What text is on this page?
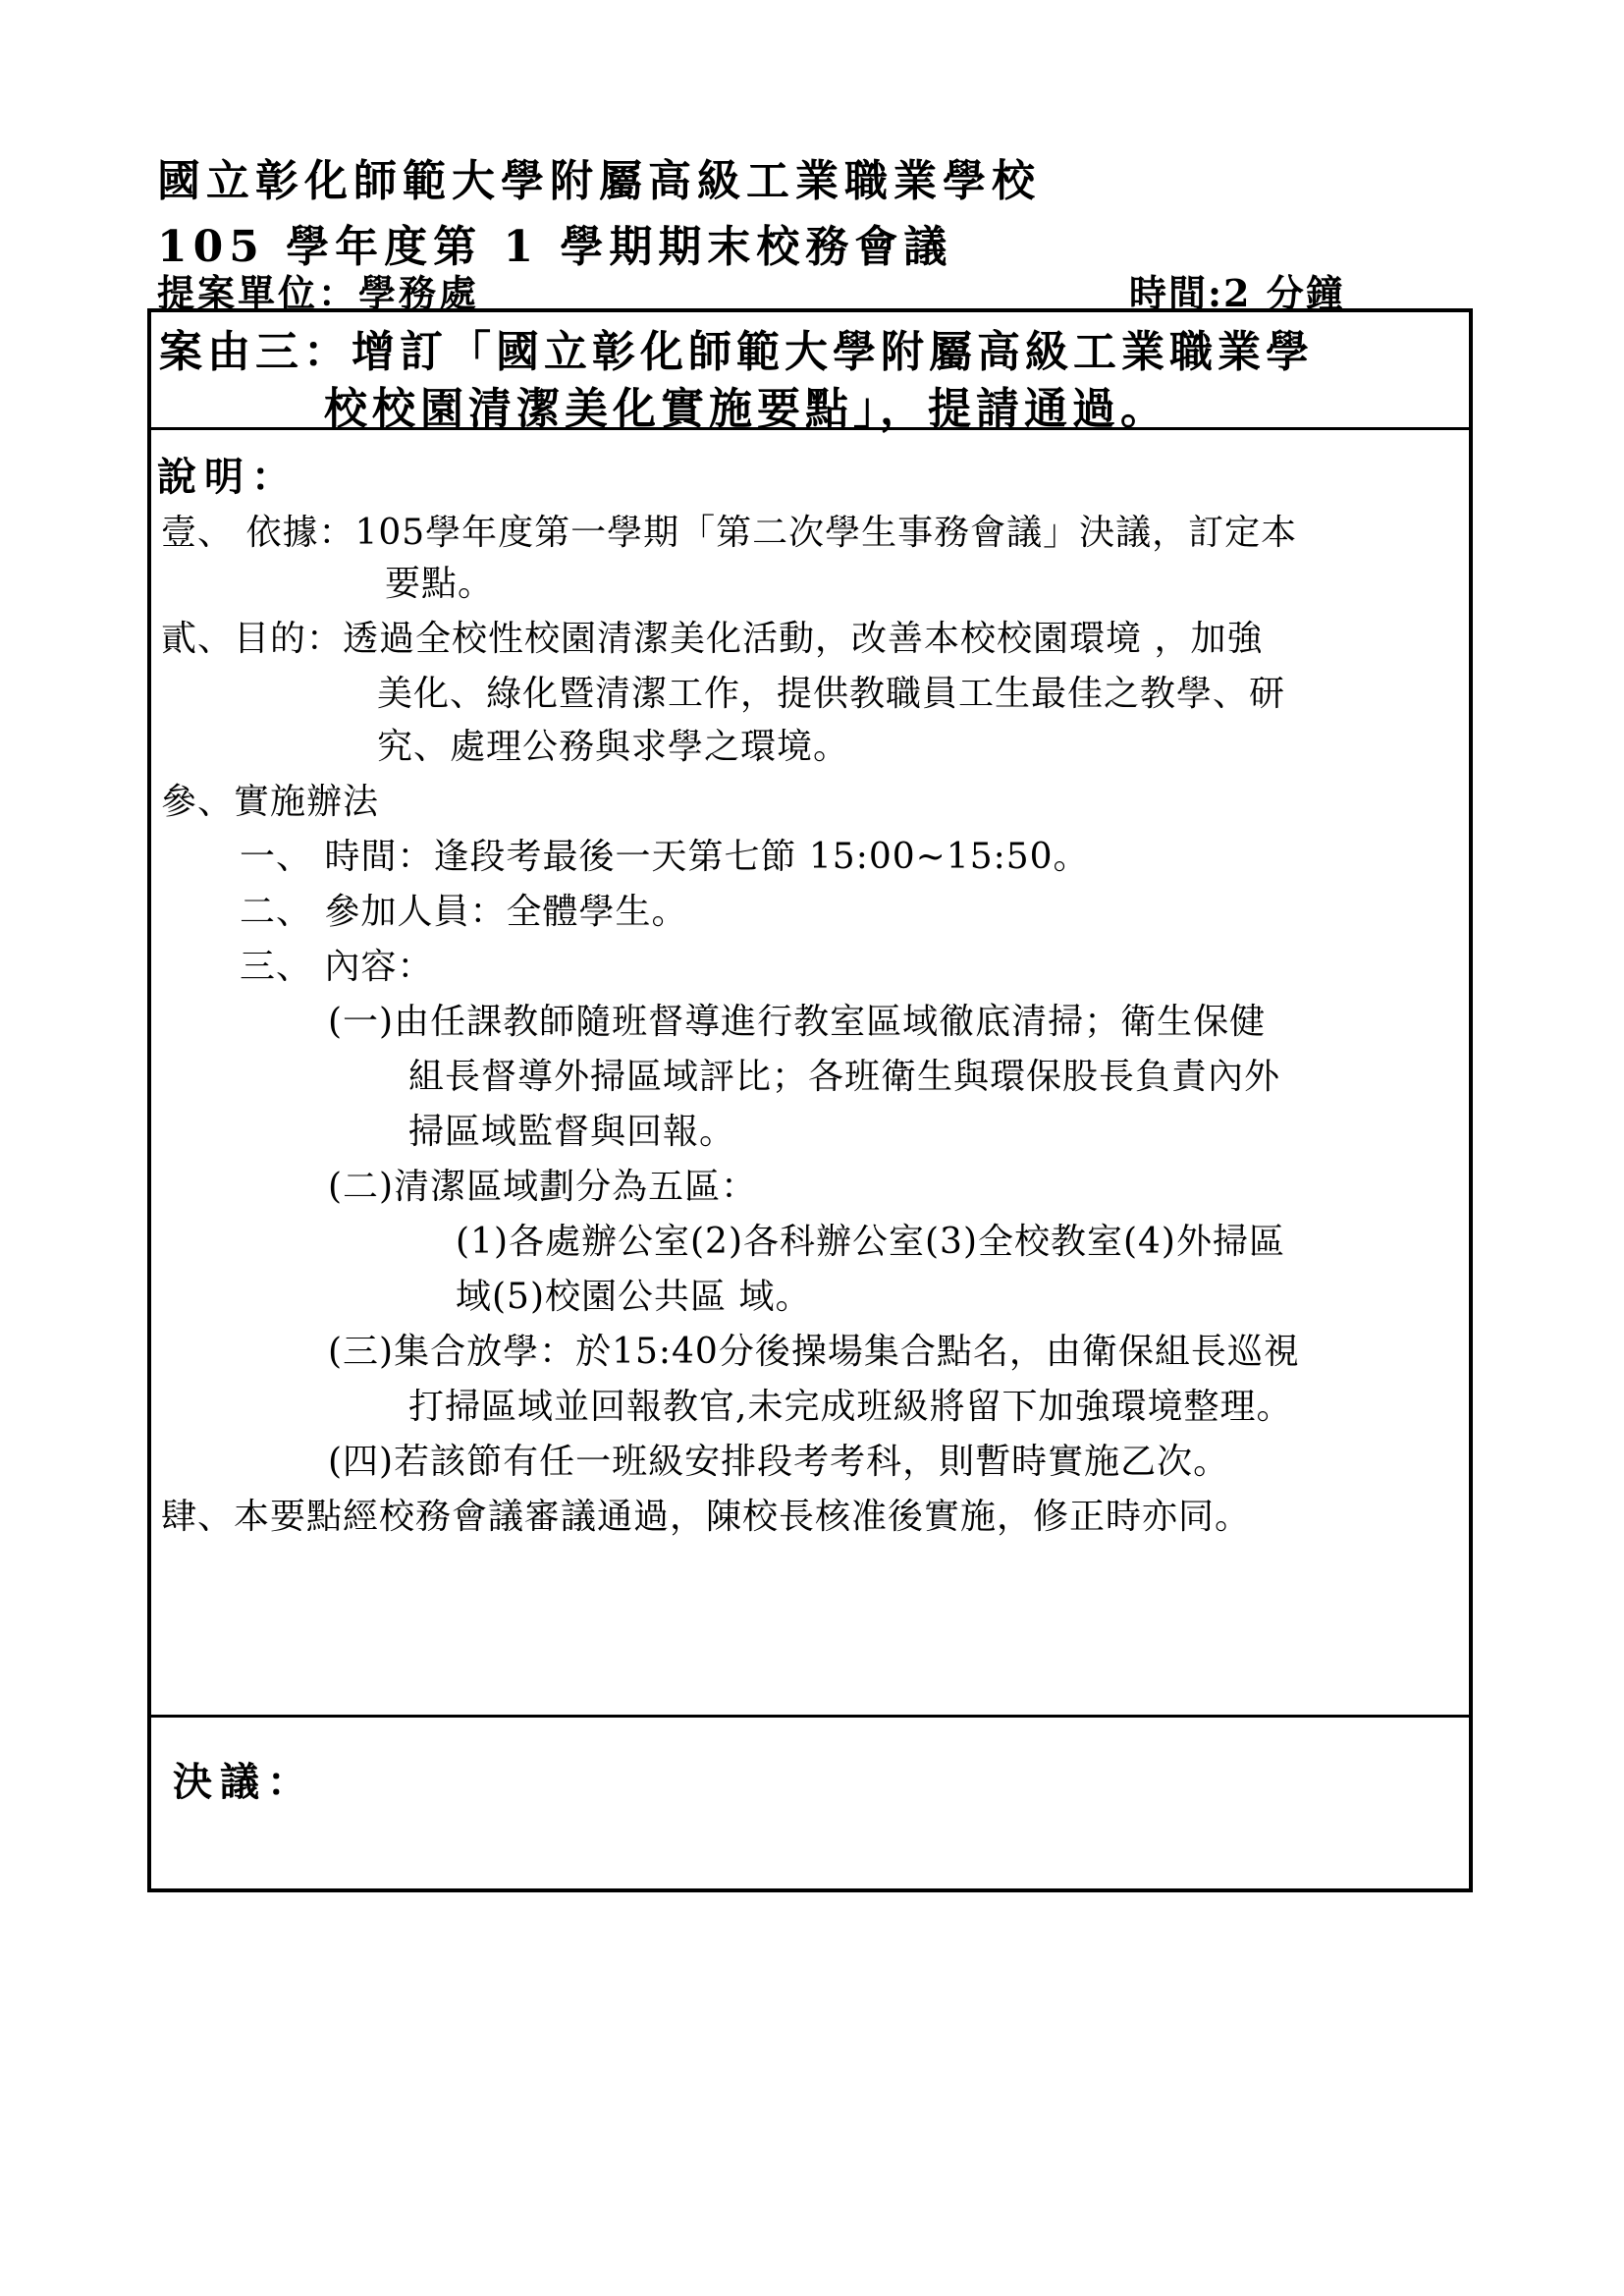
國立彰化師範大學附屬高級工業職業學校
105 學年度第 1 學期期末校務會議
提案單位：學務處	時間:2 分鐘
案由三：增訂「國立彰化師範大學附屬高級工業職業學
校校園清潔美化實施要點」，提請通過。
說明：
壹、 依據：105學年度第一學期「第二次學生事務會議」決議，訂定本
要點。
貳、目的：透過全校性校園清潔美化活動，改善本校校園環境 ，加強
美化、綠化暨清潔工作，提供教職員工生最佳之教學、研
究、處理公務與求學之環境。
參、實施辦法
一、 時間：逢段考最後一天第七節 15:00~15:50。
二、 參加人員：全體學生。
三、 內容：
(一)由任課教師隨班督導進行教室區域徹底清掃；衛生保健
組長督導外掃區域評比；各班衛生與環保股長負責內外
掃區域監督與回報。
(二)清潔區域劃分為五區：
(1)各處辦公室(2)各科辦公室(3)全校教室(4)外掃區
域(5)校園公共區 域。
(三)集合放學：於15:40分後操場集合點名，由衛保組長巡視
打掃區域並回報教官,未完成班級將留下加強環境整理。
(四)若該節有任一班級安排段考考科，則暫時實施乙次。
肆、本要點經校務會議審議通過，陳校長核准後實施，修正時亦同。
決議：
